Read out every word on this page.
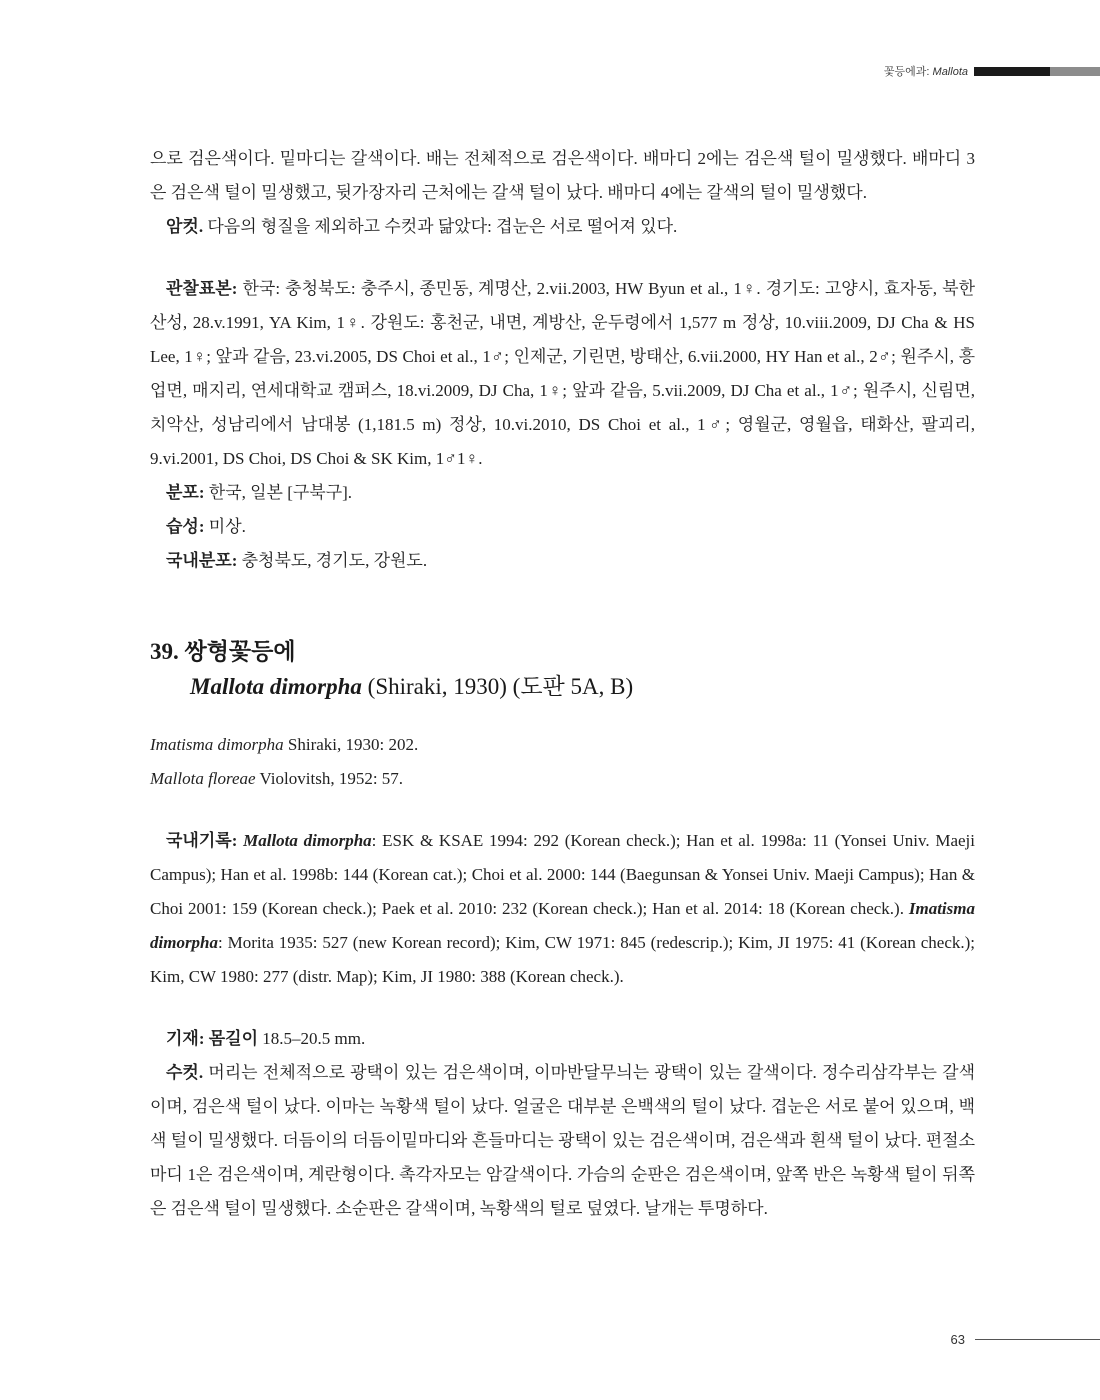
꽃등에과: Mallota

으로 검은색이다. 밑마디는 갈색이다. 배는 전체적으로 검은색이다. 배마디 2에는 검은색 털이 밀생했다. 배마디 3은 검은색 털이 밀생했고, 뒷가장자리 근처에는 갈색 털이 났다. 배마디 4에는 갈색의 털이 밀생했다.

암컷. 다음의 형질을 제외하고 수컷과 닮았다: 겹눈은 서로 떨어져 있다.

관찰표본: 한국: 충청북도: 충주시, 종민동, 계명산, 2.vii.2003, HW Byun et al., 1♀. 경기도: 고양시, 효자동, 북한산성, 28.v.1991, YA Kim, 1♀. 강원도: 홍천군, 내면, 계방산, 운두령에서 1,577 m 정상, 10.viii.2009, DJ Cha & HS Lee, 1♀; 앞과 같음, 23.vi.2005, DS Choi et al., 1♂; 인제군, 기린면, 방태산, 6.vii.2000, HY Han et al., 2♂; 원주시, 흥업면, 매지리, 연세대학교 캠퍼스, 18.vi.2009, DJ Cha, 1♀; 앞과 같음, 5.vii.2009, DJ Cha et al., 1♂; 원주시, 신림면, 치악산, 성남리에서 남대봉 (1,181.5 m) 정상, 10.vi.2010, DS Choi et al., 1♂; 영월군, 영월읍, 태화산, 팔괴리, 9.vi.2001, DS Choi, DS Choi & SK Kim, 1♂1♀.

분포: 한국, 일본 [구북구].

습성: 미상.

국내분포: 충청북도, 경기도, 강원도.

39. 쌍형꽃등에
Mallota dimorpha (Shiraki, 1930) (도판 5A, B)

Imatisma dimorpha Shiraki, 1930: 202.

Mallota floreae Violovitsh, 1952: 57.

국내기록: Mallota dimorpha: ESK & KSAE 1994: 292 (Korean check.); Han et al. 1998a: 11 (Yonsei Univ. Maeji Campus); Han et al. 1998b: 144 (Korean cat.); Choi et al. 2000: 144 (Baegunsan & Yonsei Univ. Maeji Campus); Han & Choi 2001: 159 (Korean check.); Paek et al. 2010: 232 (Korean check.); Han et al. 2014: 18 (Korean check.). Imatisma dimorpha: Morita 1935: 527 (new Korean record); Kim, CW 1971: 845 (redescrip.); Kim, JI 1975: 41 (Korean check.); Kim, CW 1980: 277 (distr. Map); Kim, JI 1980: 388 (Korean check.).

기재: 몸길이 18.5–20.5 mm.

수컷. 머리는 전체적으로 광택이 있는 검은색이며, 이마반달무늬는 광택이 있는 갈색이다. 정수리삼각부는 갈색이며, 검은색 털이 났다. 이마는 녹황색 털이 났다. 얼굴은 대부분 은백색의 털이 났다. 겹눈은 서로 붙어 있으며, 백색 털이 밀생했다. 더듬이의 더듬이밑마디와 흔들마디는 광택이 있는 검은색이며, 검은색과 흰색 털이 났다. 편절소마디 1은 검은색이며, 계란형이다. 촉각자모는 암갈색이다. 가슴의 순판은 검은색이며, 앞쪽 반은 녹황색 털이 뒤쪽은 검은색 털이 밀생했다. 소순판은 갈색이며, 녹황색의 털로 덮였다. 날개는 투명하다.

63
